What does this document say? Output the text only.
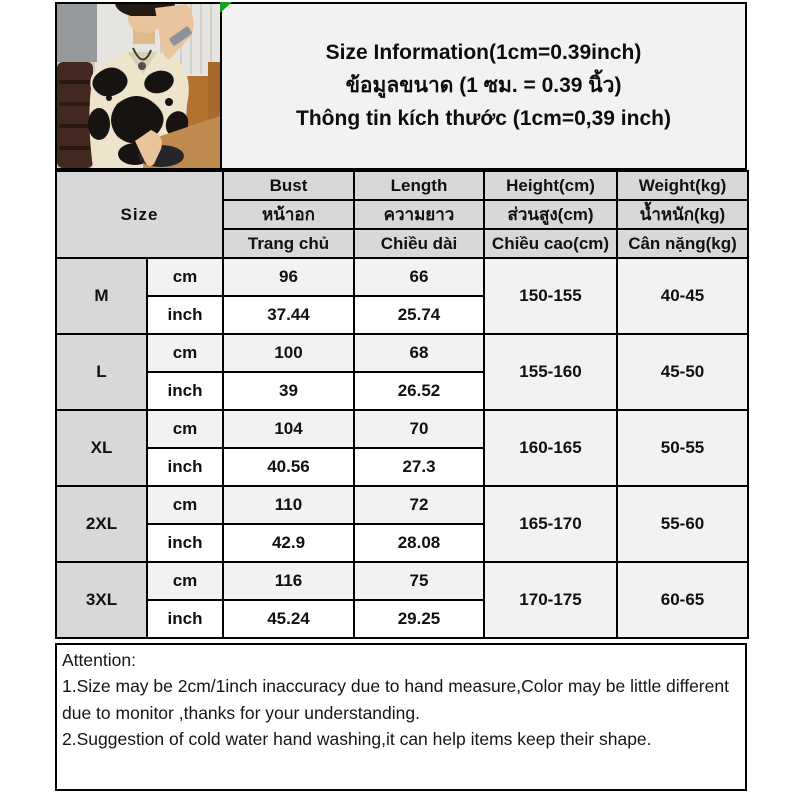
Size Information(1cm=0.39inch)
ข้อมูลขนาด (1 ซม. = 0.39 นิ้ว)
Thông tin kích thước (1cm=0,39 inch)
Size		Bust	Length	Height(cm)	Weight(kg)
		หน้าอก	ความยาว	ส่วนสูง(cm)	น้ำหนัก(kg)
		Trang chủ	Chiều dài	Chiều cao(cm)	Cân nặng(kg)
M	cm	96	66	150-155	40-45
	inch	37.44	25.74		
L	cm	100	68	155-160	45-50
	inch	39	26.52		
XL	cm	104	70	160-165	50-55
	inch	40.56	27.3		
2XL	cm	110	72	165-170	55-60
	inch	42.9	28.08		
3XL	cm	116	75	170-175	60-65
	inch	45.24	29.25		

Attention:

1.Size may be 2cm/1inch inaccuracy due to hand measure,Color may be little different due to monitor ,thanks for your understanding.

2.Suggestion of cold water hand washing,it can help items keep their shape.
